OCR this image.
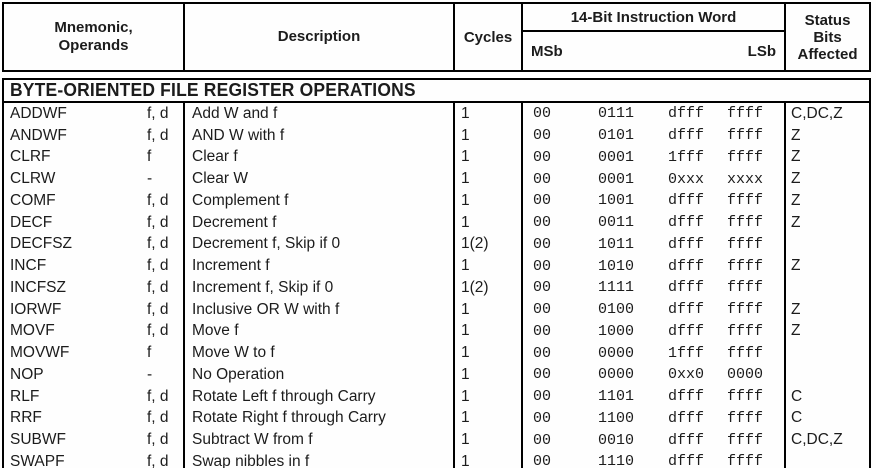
Mnemonic,
Operands
Description	Cycles
14-Bit Instruction Word
MSb	LSb
Status
Bits
Affected
BYTE-ORIENTED FILE REGISTER OPERATIONS
ADDWF	f, d	Add W and f	1	00	0111	dfff	ffff	C,DC,Z
ANDWF	f, d	AND W with f	1	00	0101	dfff	ffff	Z
CLRF	f	Clear f	1	00	0001	1fff	ffff	Z
CLRW	-	Clear W	1	00	0001	0xxx	xxxx	Z
COMF	f, d	Complement f	1	00	1001	dfff	ffff	Z
DECF	f, d	Decrement f	1	00	0011	dfff	ffff	Z
DECFSZ	f, d	Decrement f, Skip if 0	1(2)	00	1011	dfff	ffff
INCF	f, d	Increment f	1	00	1010	dfff	ffff	Z
INCFSZ	f, d	Increment f, Skip if 0	1(2)	00	1111	dfff	ffff
IORWF	f, d	Inclusive OR W with f	1	00	0100	dfff	ffff	Z
MOVF	f, d	Move f	1	00	1000	dfff	ffff	Z
MOVWF	f	Move W to f	1	00	0000	1fff	ffff
NOP	-	No Operation	1	00	0000	0xx0	0000
RLF	f, d	Rotate Left f through Carry	1	00	1101	dfff	ffff	C
RRF	f, d	Rotate Right f through Carry	1	00	1100	dfff	ffff	C
SUBWF	f, d	Subtract W from f	1	00	0010	dfff	ffff	C,DC,Z
SWAPF	f, d	Swap nibbles in f	1	00	1110	dfff	ffff
